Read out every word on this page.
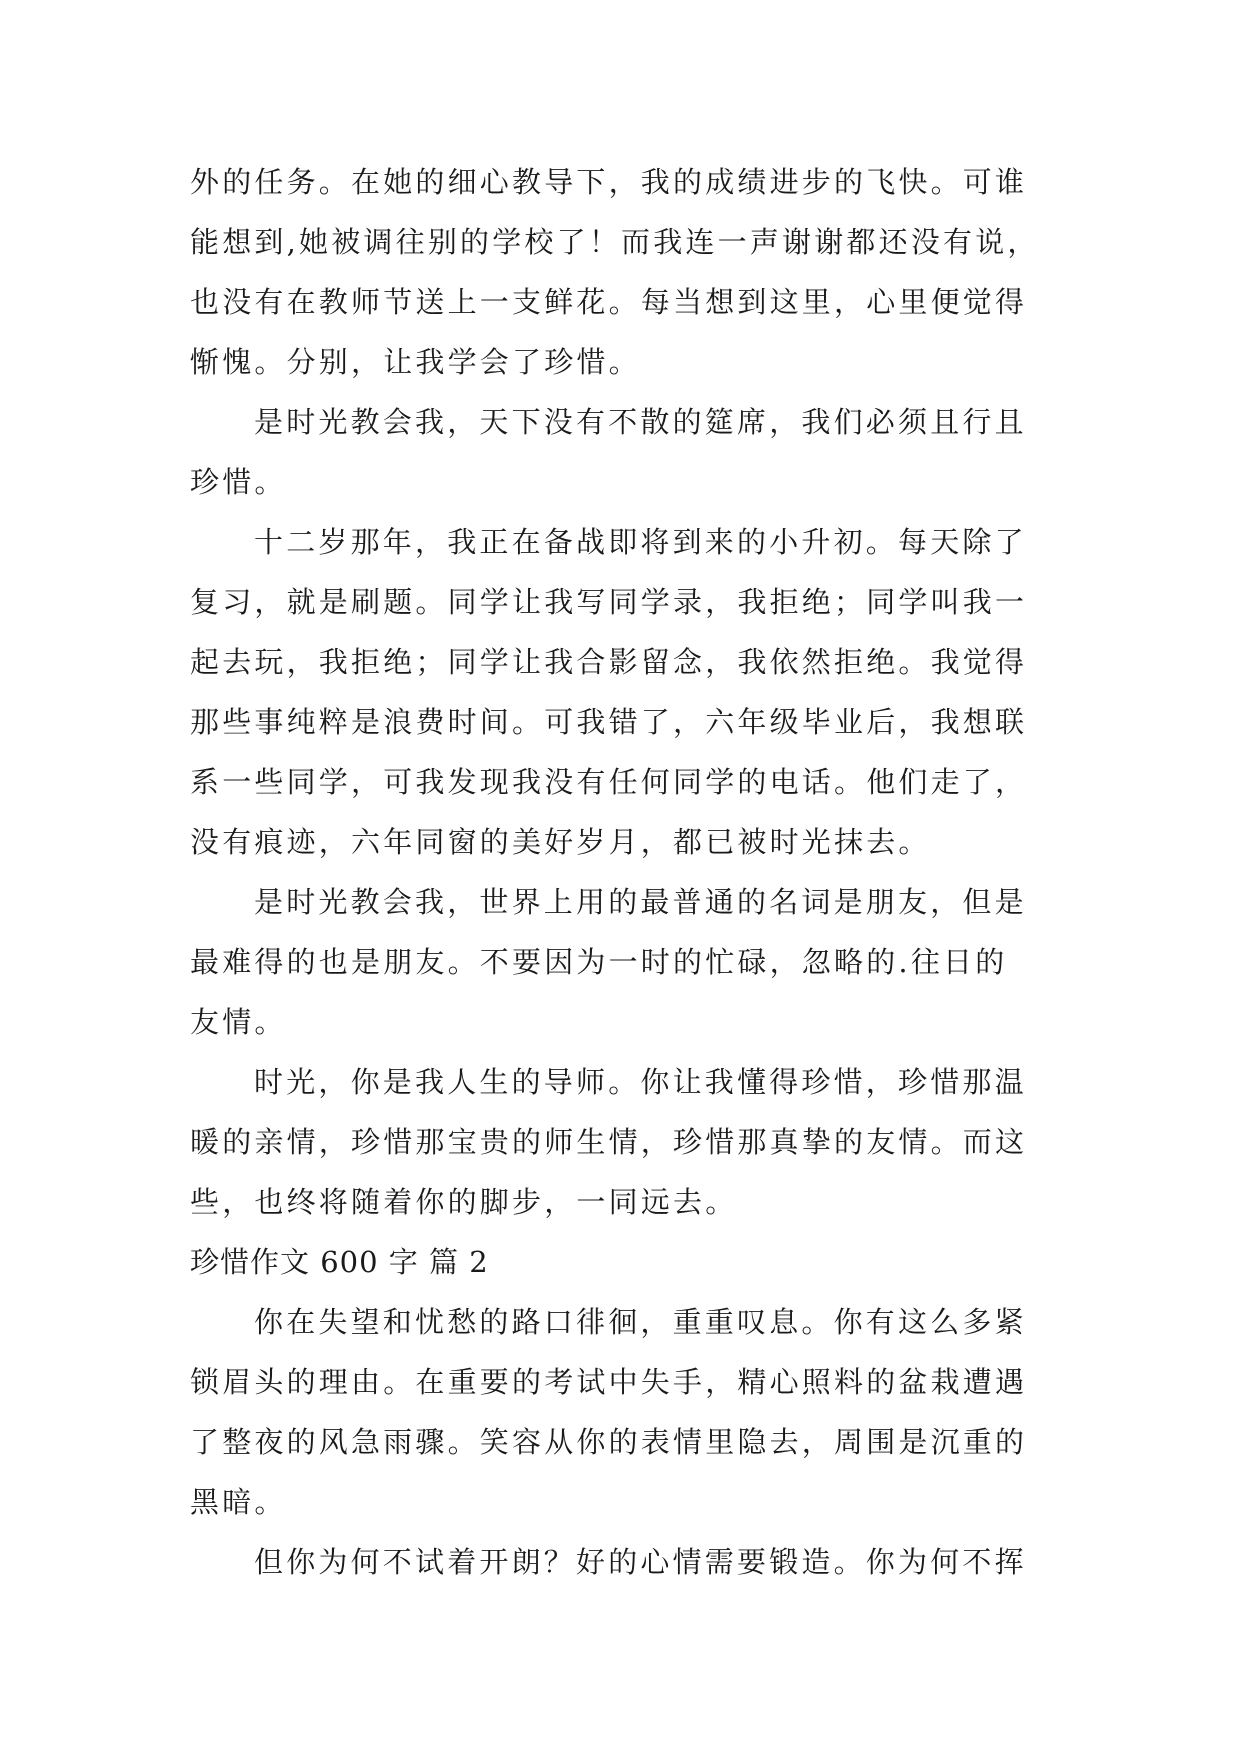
外的任务。在她的细心教导下，我的成绩进步的飞快。可谁
能想到,她被调往别的学校了！而我连一声谢谢都还没有说，
也没有在教师节送上一支鲜花。每当想到这里，心里便觉得
惭愧。分别，让我学会了珍惜。
是时光教会我，天下没有不散的筵席，我们必须且行且
珍惜。
十二岁那年，我正在备战即将到来的小升初。每天除了
复习，就是刷题。同学让我写同学录，我拒绝；同学叫我一
起去玩，我拒绝；同学让我合影留念，我依然拒绝。我觉得
那些事纯粹是浪费时间。可我错了，六年级毕业后，我想联
系一些同学，可我发现我没有任何同学的电话。他们走了，
没有痕迹，六年同窗的美好岁月，都已被时光抹去。
是时光教会我，世界上用的最普通的名词是朋友，但是
最难得的也是朋友。不要因为一时的忙碌，忽略的.往日的
友情。
时光，你是我人生的导师。你让我懂得珍惜，珍惜那温
暖的亲情，珍惜那宝贵的师生情，珍惜那真挚的友情。而这
些，也终将随着你的脚步，一同远去。
珍惜作文 600 字 篇 2
你在失望和忧愁的路口徘徊，重重叹息。你有这么多紧
锁眉头的理由。在重要的考试中失手，精心照料的盆栽遭遇
了整夜的风急雨骤。笑容从你的表情里隐去，周围是沉重的
黑暗。
但你为何不试着开朗？好的心情需要锻造。你为何不挥
